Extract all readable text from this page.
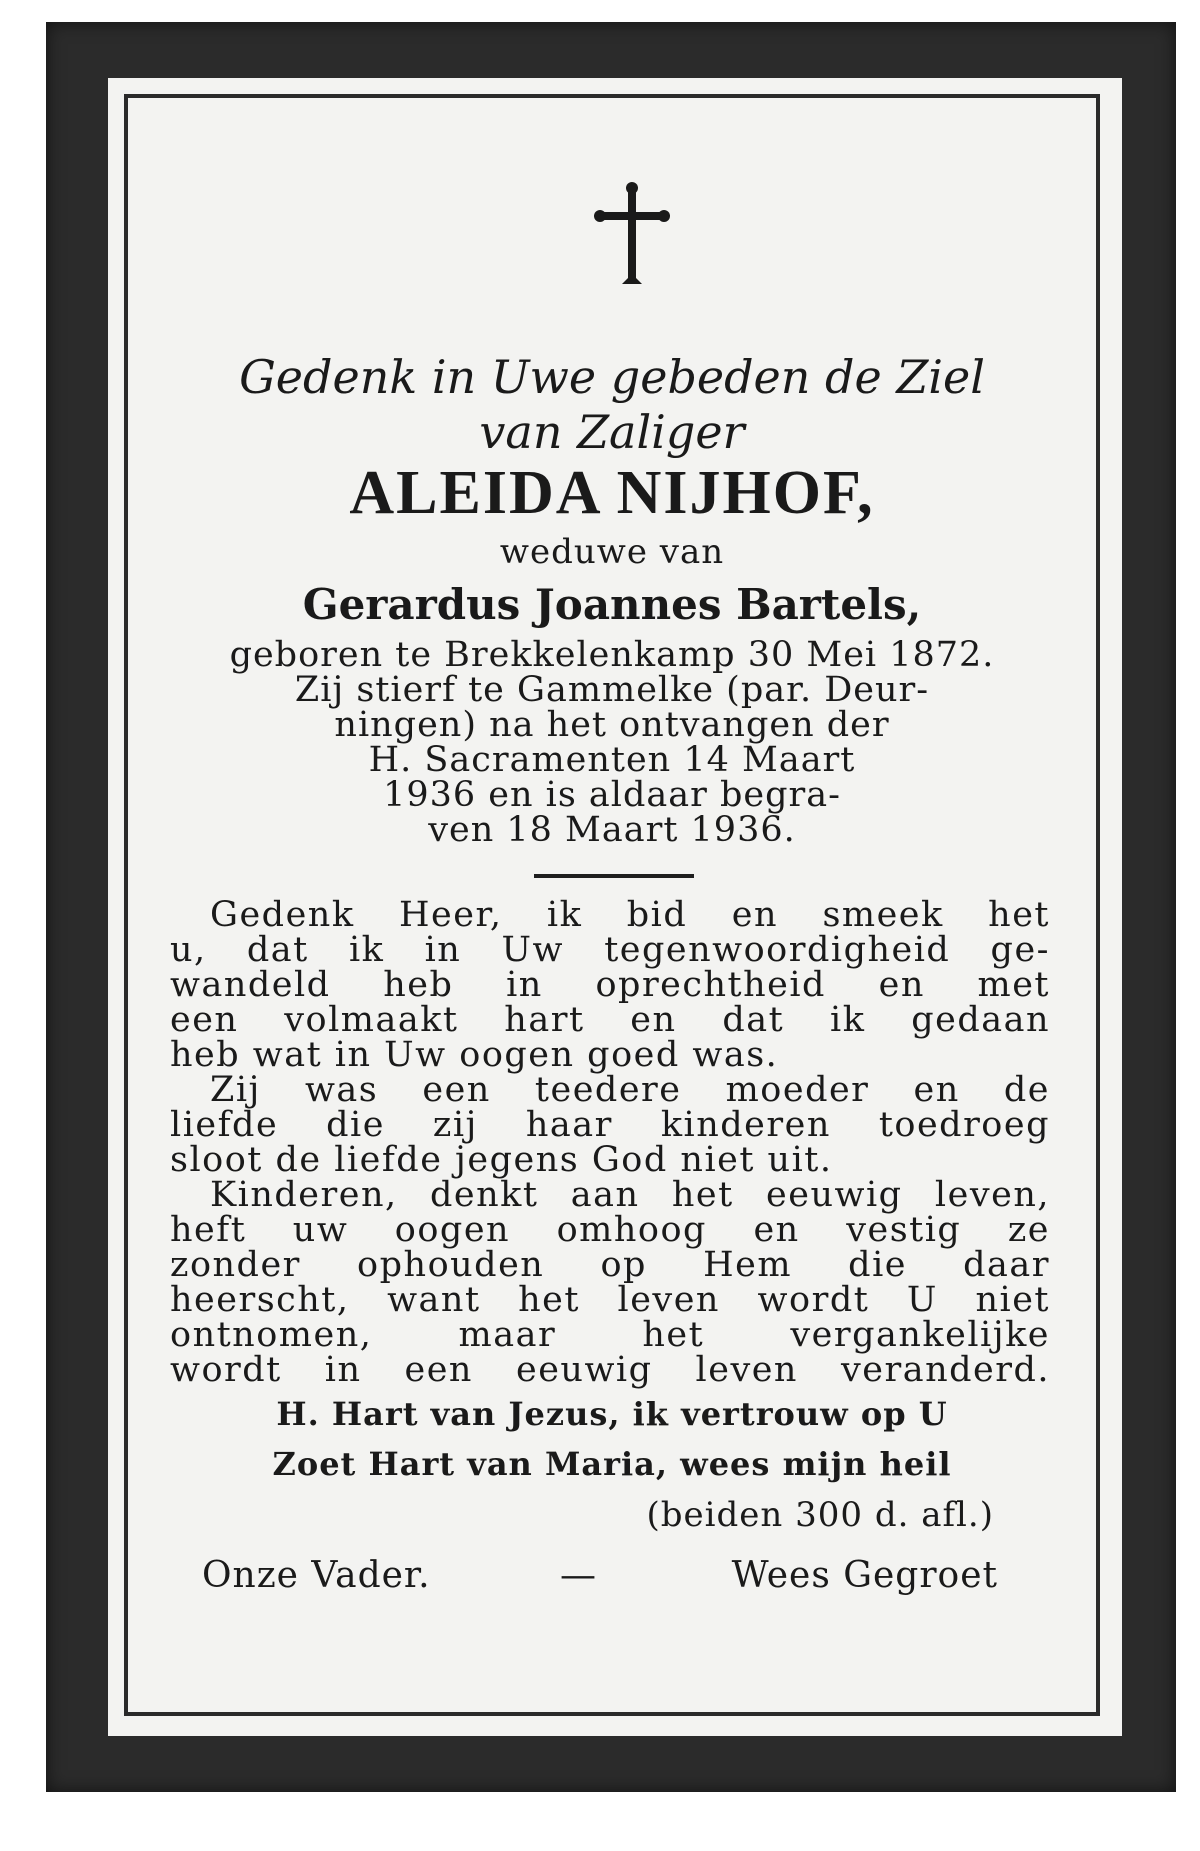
Gedenk in Uwe gebeden de Ziel
van Zaliger
ALEIDA NIJHOF,
weduwe van
Gerardus Joannes Bartels,
geboren te Brekkelenkamp 30 Mei 1872.
Zij stierf te Gammelke (par. Deur-
ningen) na het ontvangen der
H. Sacramenten 14 Maart
1936 en is aldaar begra-
ven 18 Maart 1936.
Gedenk Heer, ik bid en smeek het
u, dat ik in Uw tegenwoordigheid ge-
wandeld heb in oprechtheid en met
een volmaakt hart en dat ik gedaan
heb wat in Uw oogen goed was.
Zij was een teedere moeder en de
liefde die zij haar kinderen toedroeg
sloot de liefde jegens God niet uit.
Kinderen, denkt aan het eeuwig leven,
heft uw oogen omhoog en vestig ze
zonder ophouden op Hem die daar
heerscht, want het leven wordt U niet
ontnomen, maar het vergankelijke
wordt in een eeuwig leven veranderd.
H. Hart van Jezus, ik vertrouw op U
Zoet Hart van Maria, wees mijn heil
(beiden 300 d. afl.)
Onze Vader.	—	Wees Gegroet
